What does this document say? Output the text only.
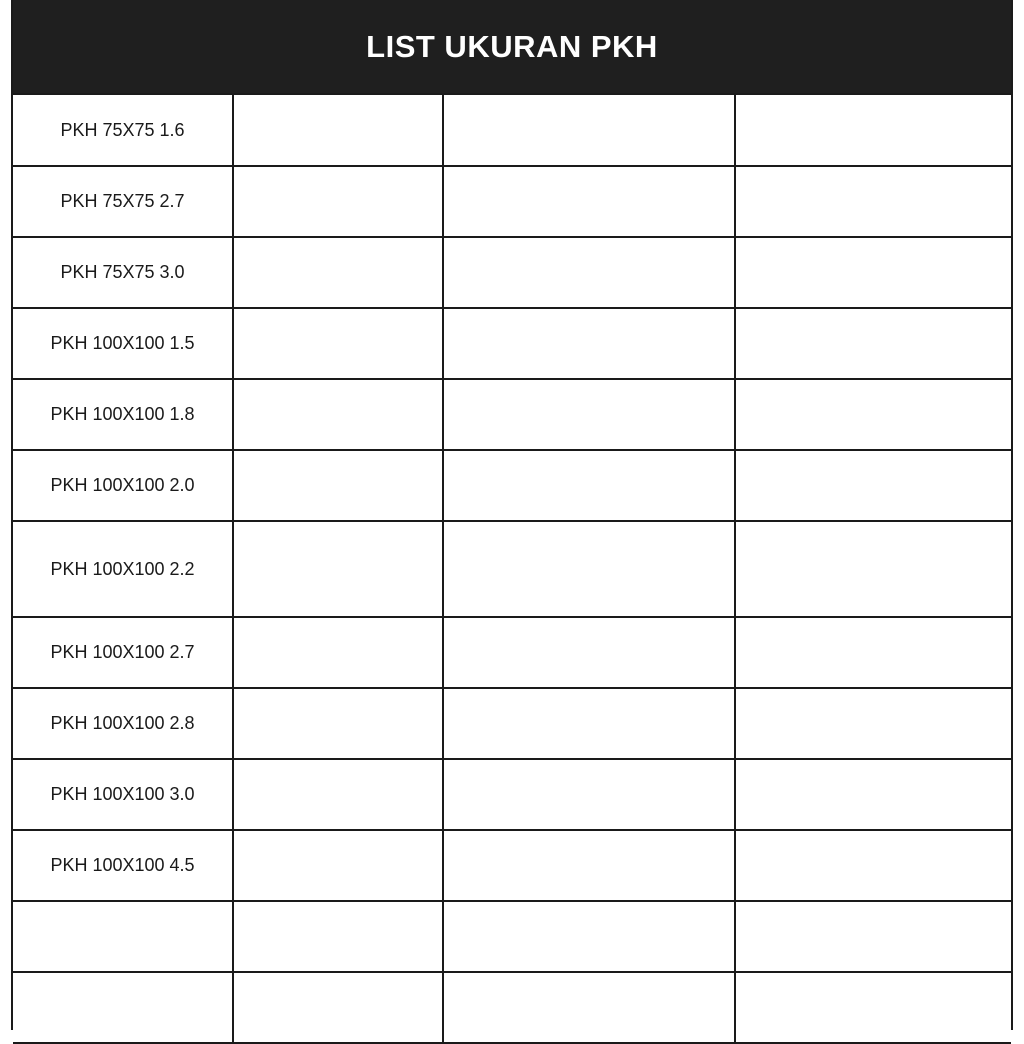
LIST UKURAN PKH
PKH 75X75 1.6			
PKH 75X75 2.7			
PKH 75X75 3.0			
PKH 100X100 1.5			
PKH 100X100 1.8			
PKH 100X100 2.0			
PKH 100X100 2.2			
PKH 100X100 2.7			
PKH 100X100 2.8			
PKH 100X100 3.0			
PKH 100X100 4.5			
